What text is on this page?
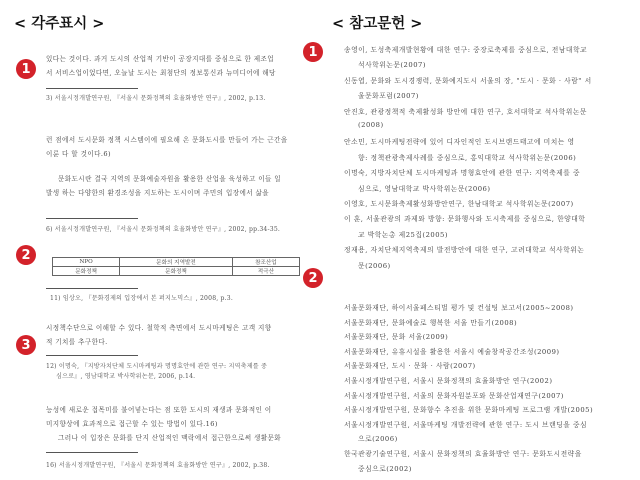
< 각주표시 >	< 참고문헌 >
1
2
3
1
2
있다는 것이다. 과거 도시의 산업적 기반이 공장지대를 중심으로 한 제조업
서 서비스업이었다면, 오늘날 도시는 최첨단의 정보통신과 뉴미디어에 해당
3) 서울시정개발연구원, 『서울시 문화정책의 효율화방안 연구』, 2002, p.13.
런 점에서 도시문화 정책 시스템이에 필요해 온 문화도시를 만들어 가는 근간을
이룬 다 할 것이다.6)
문화도시란 결국 지역의 문화예술자원을 활용한 산업을 육성하고 이들 일
발생 하는 다양한의 환경조성을 지도하는 도시이며 주민의 입장에서 삶을
6) 서울시정개발연구원, 『서울시 문화정책의 효율화방안 연구』, 2002, pp.34-35.
NPO	문화의 지역발전	참조산업
문화정책	문화정책	적극산
11) 임상오, 『문화경제의 입장에서 본 퍼지노믹스』, 2008, p.3.
시정책수단으로 이해할 수 있다. 철학적 측면에서 도시마케팅은 고객 지향
적 기치를 추구한다.
12) 이명숙, 『지방자치단체 도시마케팅과 명명효안에 관한 연구: 지역축제를 중
심으로』, 영남대학교 박사학위논문, 2006, p.14.
능성에 새로운 접목미를 불어넣는다는 점 또한 도시의 재생과 문화적인 이
미지향상에 효과적으로 접근할 수 있는 방법이 있다.16)
그러나 이 입장은 문화를 단지 산업적인 맥락에서 접근한으로써 생활문화
16) 서울시정개발연구원, 『서울시 문화정책의 효율화방안 연구』, 2002, p.38.
송영이, 도성축제개발현황에 대한 연구: 중장로축제를 중심으로, 전남대학교
석사학위논문(2007)
신동엽, 문화와 도시경쟁력, 문화예지도시 서울의 장, "도시 · 문화 · 사람" 서
울문화포럼(2007)
안진호, 관광정책적 축제활성화 방안에 대한 연구, 호서대학교 석사학위논문
(2008)
안소민, 도시마케팅전략에 있어 디자인적인 도시브랜드태고에 미치는 영
향: 정책관광축제사례를 중심으로, 홍익대학교 석사학위논문(2006)
이명숙, 지방자치단체 도시마케팅과 명형효안에 관한 연구: 지역축제를 중
심으로, 영남대학교 박사학위논문(2006)
이영호, 도시문화축제활성화방안연구, 한남대학교 석사학위논문(2007)
이 훈, 서울관광의 과제와 방향: 문화행사와 도시축제를 중심으로, 한양대학
교 박학논총 제25집(2005)
정재용, 자치단체지역축제의 발전방안에 대한 연구, 고려대학교 석사학위논
문(2006)
서울문화재단, 하이서울페스티벌 평가 및 컨설팅 보고서(2005~2008)
서울문화재단, 문화예술로 행복한 서울 만들기(2008)
서울문화재단, 문화 서울(2009)
서울문화재단, 유휴시설을 활용한 서울시 예술창작공간조성(2009)
서울문화재단, 도시 · 문화 · 사람(2007)
서울시정개발연구원, 서울시 문화정책의 효율화방안 연구(2002)
서울시정개발연구원, 서울의 문화자원분포와 문화산업재연구(2007)
서울시정개발연구원, 문화향수 추진을 위한 문화마케팅 프로그램 개발(2005)
서울시정개발연구원, 서울마케팅 개발전략에 관한 연구: 도시 브랜딩을 중심
으로(2006)
한국관광기술연구원, 서울시 문화정책의 효율화방안 연구: 문화도시전략을
중심으로(2002)
